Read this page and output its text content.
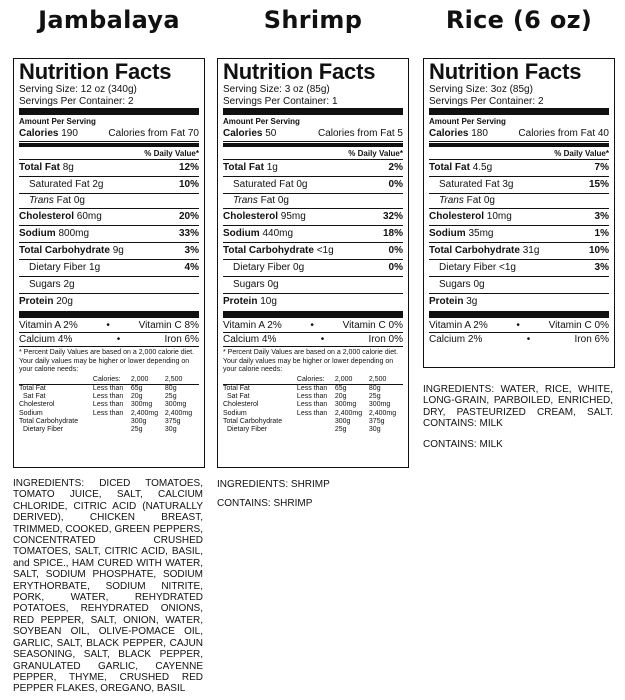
Jambalaya
Nutrition Facts
Serving Size: 12 oz (340g)
Servings Per Container: 2
Amount Per Serving
Calories 190	Calories from Fat 70
% Daily Value*
Total Fat 8g	12%
Saturated Fat 2g	10%
Trans Fat 0g
Cholesterol 60mg	20%
Sodium 800mg	33%
Total Carbohydrate 9g	3%
Dietary Fiber 1g	4%
Sugars 2g
Protein 20g
Vitamin A 2%	•	Vitamin C 8%
Calcium 4%	•	Iron 6%
* Percent Daily Values are based on a 2,000 calorie diet. Your daily values may be higher or lower depending on your calorie needs:
	Calories:	2,000	2,500
Total Fat	Less than	65g	80g
Sat Fat	Less than	20g	25g
Cholesterol	Less than	300mg	300mg
Sodium	Less than	2,400mg	2,400mg
Total Carbohydrate		300g	375g
Dietary Fiber		25g	30g
INGREDIENTS: DICED TOMATOES, TOMATO JUICE, SALT, CALCIUM CHLORIDE, CITRIC ACID (NATURALLY DERIVED), CHICKEN BREAST, TRIMMED, COOKED, GREEN PEPPERS, CONCENTRATED CRUSHED TOMATOES, SALT, CITRIC ACID, BASIL, and SPICE., HAM CURED WITH WATER, SALT, SODIUM PHOSPHATE, SODIUM ERYTHORBATE, SODIUM NITRITE, PORK, WATER, REHYDRATED POTATOES, REHYDRATED ONIONS, RED PEPPER, SALT, ONION, WATER, SOYBEAN OIL, OLIVE-POMACE OIL, GARLIC, SALT, BLACK PEPPER, CAJUN SEASONING, SALT, BLACK PEPPER, GRANULATED GARLIC, CAYENNE PEPPER, THYME, CRUSHED RED PEPPER FLAKES, OREGANO, BASIL
Shrimp
Nutrition Facts
Serving Size: 3 oz (85g)
Servings Per Container: 1
Amount Per Serving
Calories 50	Calories from Fat 5
% Daily Value*
Total Fat 1g	2%
Saturated Fat 0g	0%
Trans Fat 0g
Cholesterol 95mg	32%
Sodium 440mg	18%
Total Carbohydrate <1g	0%
Dietary Fiber 0g	0%
Sugars 0g
Protein 10g
Vitamin A 2%	•	Vitamin C 0%
Calcium 4%	•	Iron 0%
* Percent Daily Values are based on a 2,000 calorie diet. Your daily values may be higher or lower depending on your calorie needs:
	Calories:	2,000	2,500
Total Fat	Less than	65g	80g
Sat Fat	Less than	20g	25g
Cholesterol	Less than	300mg	300mg
Sodium	Less than	2,400mg	2,400mg
Total Carbohydrate		300g	375g
Dietary Fiber		25g	30g
INGREDIENTS: SHRIMP
CONTAINS: SHRIMP
Rice (6 oz)
Nutrition Facts
Serving Size: 3oz (85g)
Servings Per Container: 2
Amount Per Serving
Calories 180	Calories from Fat 40
% Daily Value*
Total Fat 4.5g	7%
Saturated Fat 3g	15%
Trans Fat 0g
Cholesterol 10mg	3%
Sodium 35mg	1%
Total Carbohydrate 31g	10%
Dietary Fiber <1g	3%
Sugars 0g
Protein 3g
Vitamin A 2%	•	Vitamin C 0%
Calcium 2%	•	Iron 6%
INGREDIENTS: WATER, RICE, WHITE, LONG-GRAIN, PARBOILED, ENRICHED, DRY, PASTEURIZED CREAM, SALT. CONTAINS: MILK
CONTAINS: MILK
